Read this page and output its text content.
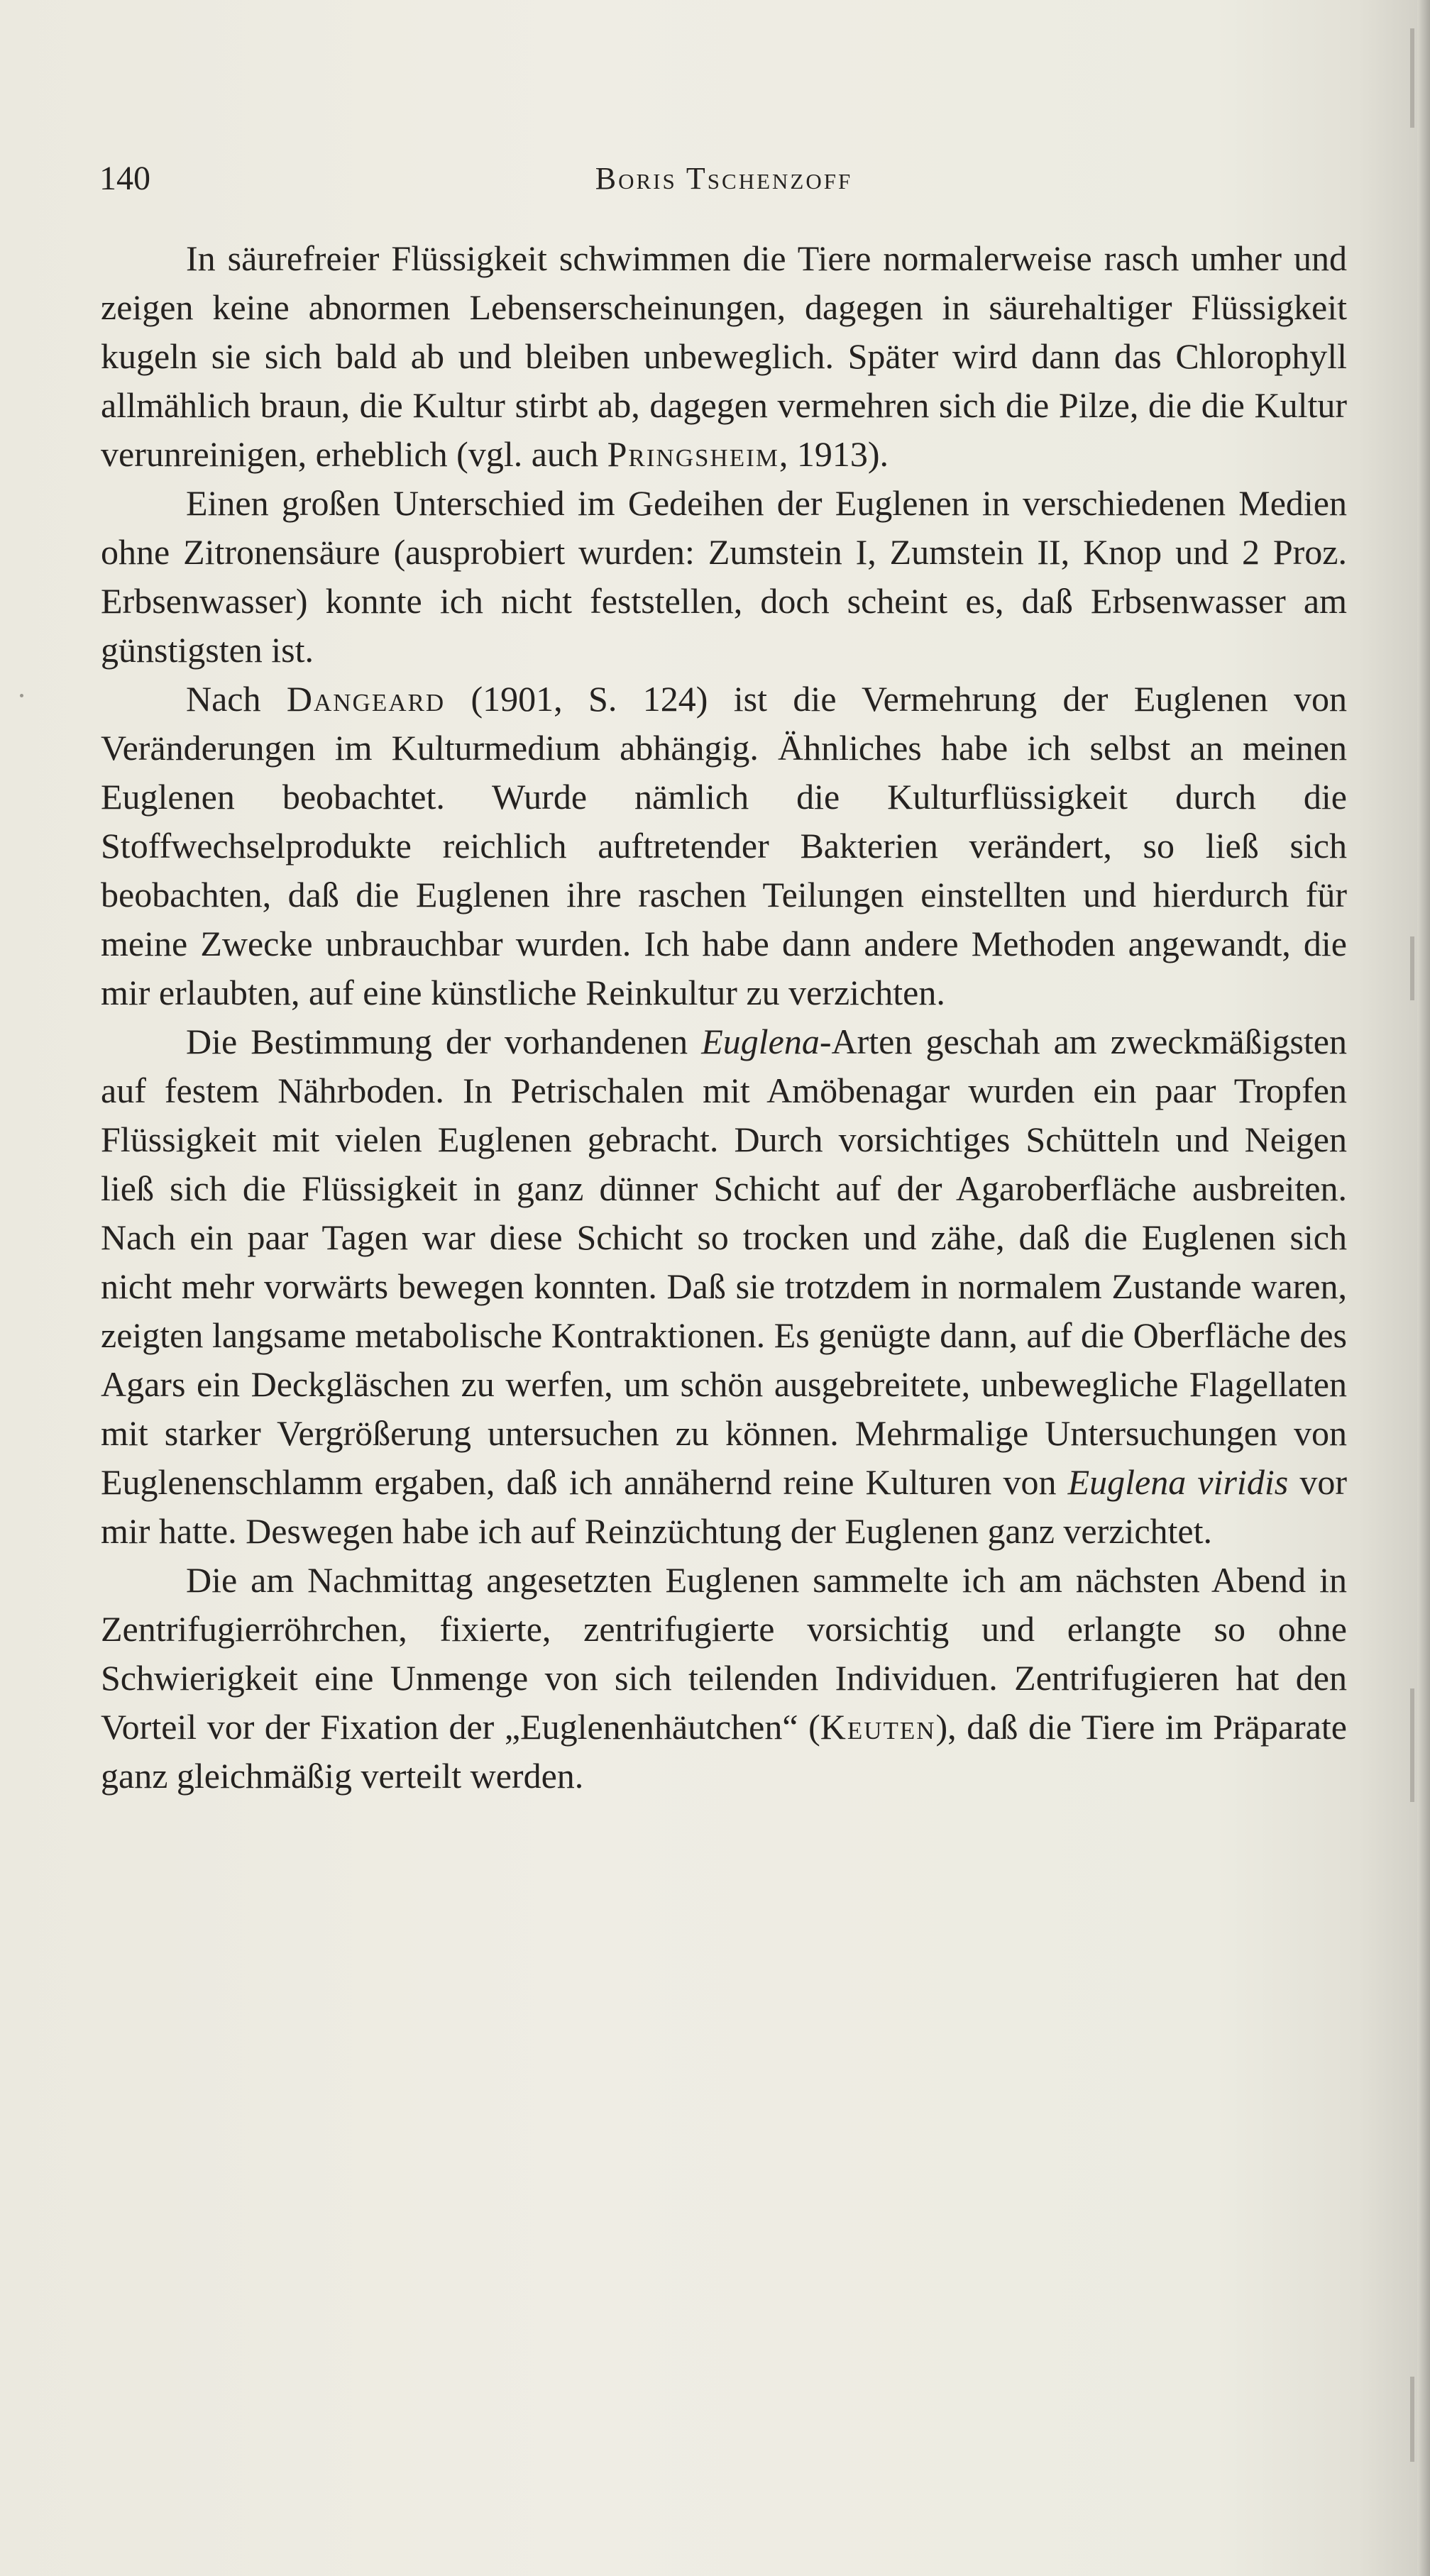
140	Boris Tschenzoff

In säurefreier Flüssigkeit schwimmen die Tiere normalerweise rasch umher und zeigen keine abnormen Lebenserscheinungen, dagegen in säurehaltiger Flüssigkeit kugeln sie sich bald ab und bleiben unbeweglich. Später wird dann das Chlorophyll allmählich braun, die Kultur stirbt ab, dagegen vermehren sich die Pilze, die die Kultur verunreinigen, erheblich (vgl. auch Pringsheim, 1913).

Einen großen Unterschied im Gedeihen der Euglenen in verschiedenen Medien ohne Zitronensäure (ausprobiert wurden: Zumstein I, Zumstein II, Knop und 2 Proz. Erbsenwasser) konnte ich nicht feststellen, doch scheint es, daß Erbsenwasser am günstigsten ist.

Nach Dangeard (1901, S. 124) ist die Vermehrung der Euglenen von Veränderungen im Kulturmedium abhängig. Ähnliches habe ich selbst an meinen Euglenen beobachtet. Wurde nämlich die Kulturflüssigkeit durch die Stoffwechselprodukte reichlich auftretender Bakterien verändert, so ließ sich beobachten, daß die Euglenen ihre raschen Teilungen einstellten und hierdurch für meine Zwecke unbrauchbar wurden. Ich habe dann andere Methoden angewandt, die mir erlaubten, auf eine künstliche Reinkultur zu verzichten.

Die Bestimmung der vorhandenen Euglena-Arten geschah am zweckmäßigsten auf festem Nährboden. In Petrischalen mit Amöbenagar wurden ein paar Tropfen Flüssigkeit mit vielen Euglenen gebracht. Durch vorsichtiges Schütteln und Neigen ließ sich die Flüssigkeit in ganz dünner Schicht auf der Agaroberfläche ausbreiten. Nach ein paar Tagen war diese Schicht so trocken und zähe, daß die Euglenen sich nicht mehr vorwärts bewegen konnten. Daß sie trotzdem in normalem Zustande waren, zeigten langsame metabolische Kontraktionen. Es genügte dann, auf die Oberfläche des Agars ein Deckgläschen zu werfen, um schön ausgebreitete, unbewegliche Flagellaten mit starker Vergrößerung untersuchen zu können. Mehrmalige Untersuchungen von Euglenenschlamm ergaben, daß ich annähernd reine Kulturen von Euglena viridis vor mir hatte. Deswegen habe ich auf Reinzüchtung der Euglenen ganz verzichtet.

Die am Nachmittag angesetzten Euglenen sammelte ich am nächsten Abend in Zentrifugierröhrchen, fixierte, zentrifugierte vorsichtig und erlangte so ohne Schwierigkeit eine Unmenge von sich teilenden Individuen. Zentrifugieren hat den Vorteil vor der Fixation der „Euglenenhäutchen“ (Keuten), daß die Tiere im Präparate ganz gleichmäßig verteilt werden.
